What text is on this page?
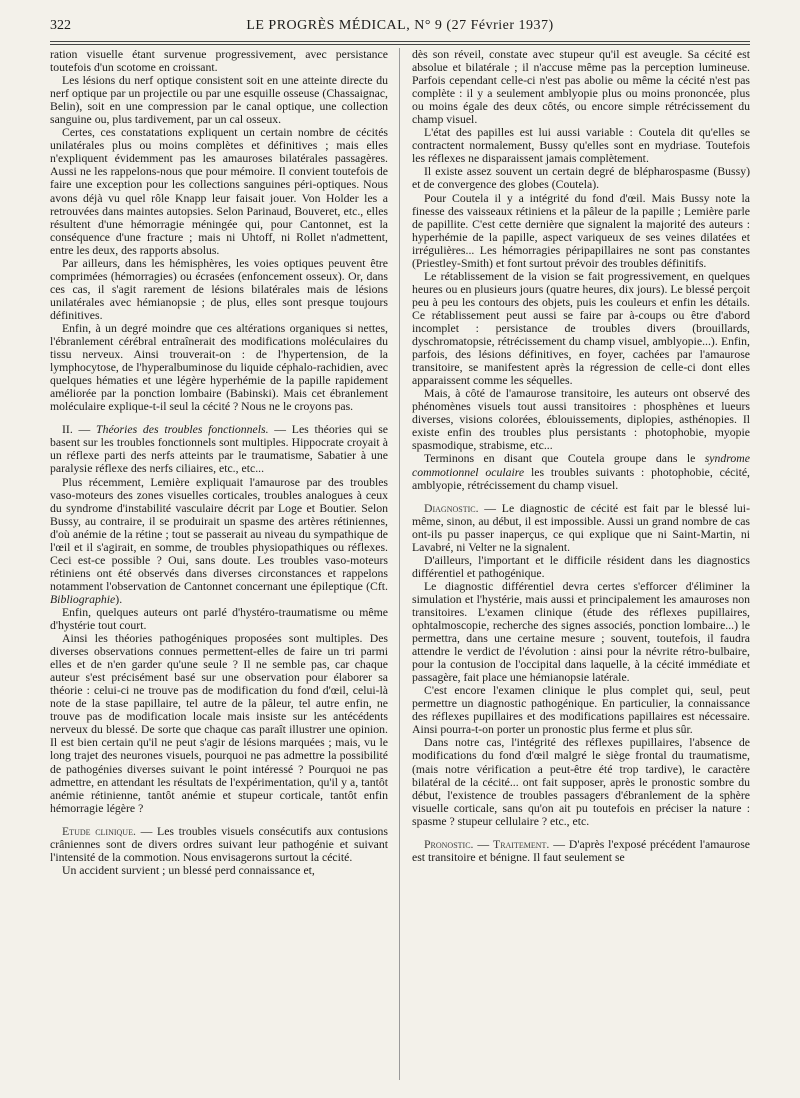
322	LE PROGRÈS MÉDICAL, N° 9 (27 Février 1937)

ration visuelle étant survenue progressivement, avec persistance toutefois d'un scotome en croissant.

Les lésions du nerf optique consistent soit en une atteinte directe du nerf optique par un projectile ou par une esquille osseuse (Chassaignac, Belin), soit en une compression par le canal optique, une collection sanguine ou, plus tardivement, par un cal osseux.

Certes, ces constatations expliquent un certain nombre de cécités unilatérales plus ou moins complètes et définitives ; mais elles n'expliquent évidemment pas les amauroses bilatérales passagères. Aussi ne les rappelons-nous que pour mémoire. Il convient toutefois de faire une exception pour les collections sanguines péri-optiques. Nous avons déjà vu quel rôle Knapp leur faisait jouer. Von Holder les a retrouvées dans maintes autopsies. Selon Parinaud, Bouveret, etc., elles résultent d'une hémorragie méningée qui, pour Cantonnet, est la conséquence d'une fracture ; mais ni Uhtoff, ni Rollet n'admettent, entre les deux, des rapports absolus.

Par ailleurs, dans les hémisphères, les voies optiques peuvent être comprimées (hémorragies) ou écrasées (enfoncement osseux). Or, dans ces cas, il s'agit rarement de lésions bilatérales mais de lésions unilatérales avec hémianopsie ; de plus, elles sont presque toujours définitives.

Enfin, à un degré moindre que ces altérations organiques si nettes, l'ébranlement cérébral entraînerait des modifications moléculaires du tissu nerveux. Ainsi trouverait-on : de l'hypertension, de la lymphocytose, de l'hyperalbuminose du liquide céphalo-rachidien, avec quelques hématies et une légère hyperhémie de la papille rapidement améliorée par la ponction lombaire (Babinski). Mais cet ébranlement moléculaire explique-t-il seul la cécité ? Nous ne le croyons pas.

II. — Théories des troubles fonctionnels. — Les théories qui se basent sur les troubles fonctionnels sont multiples. Hippocrate croyait à un réflexe parti des nerfs atteints par le traumatisme, Sabatier à une paralysie réflexe des nerfs ciliaires, etc., etc...

Plus récemment, Lemière expliquait l'amaurose par des troubles vaso-moteurs des zones visuelles corticales, troubles analogues à ceux du syndrome d'instabilité vasculaire décrit par Loge et Boutier. Selon Bussy, au contraire, il se produirait un spasme des artères rétiniennes, d'où anémie de la rétine ; tout se passerait au niveau du sympathique de l'œil et il s'agirait, en somme, de troubles physiopathiques ou réflexes. Ceci est-ce possible ? Oui, sans doute. Les troubles vaso-moteurs rétiniens ont été observés dans diverses circonstances et rappelons notamment l'observation de Cantonnet concernant une épileptique (Cft. Bibliographie).

Enfin, quelques auteurs ont parlé d'hystéro-traumatisme ou même d'hystérie tout court.

Ainsi les théories pathogéniques proposées sont multiples. Des diverses observations connues permettent-elles de faire un tri parmi elles et de n'en garder qu'une seule ? Il ne semble pas, car chaque auteur s'est précisément basé sur une observation pour élaborer sa théorie : celui-ci ne trouve pas de modification du fond d'œil, celui-là note de la stase papillaire, tel autre de la pâleur, tel autre enfin, ne trouve pas de modification locale mais insiste sur les antécédents nerveux du blessé. De sorte que chaque cas paraît illustrer une opinion. Il est bien certain qu'il ne peut s'agir de lésions marquées ; mais, vu le long trajet des neurones visuels, pourquoi ne pas admettre la possibilité de pathogénies diverses suivant le point intéressé ? Pourquoi ne pas admettre, en attendant les résultats de l'expérimentation, qu'il y a, tantôt anémie rétinienne, tantôt anémie et stupeur corticale, tantôt enfin hémorragie légère ?

Etude clinique. — Les troubles visuels consécutifs aux contusions crâniennes sont de divers ordres suivant leur pathogénie et suivant l'intensité de la commotion. Nous envisagerons surtout la cécité.

Un accident survient ; un blessé perd connaissance et,

dès son réveil, constate avec stupeur qu'il est aveugle. Sa cécité est absolue et bilatérale ; il n'accuse même pas la perception lumineuse. Parfois cependant celle-ci n'est pas abolie ou même la cécité n'est pas complète : il y a seulement amblyopie plus ou moins prononcée, plus ou moins égale des deux côtés, ou encore simple rétrécissement du champ visuel.

L'état des papilles est lui aussi variable : Coutela dit qu'elles se contractent normalement, Bussy qu'elles sont en mydriase. Toutefois les réflexes ne disparaissent jamais complètement.

Il existe assez souvent un certain degré de blépharospasme (Bussy) et de convergence des globes (Coutela).

Pour Coutela il y a intégrité du fond d'œil. Mais Bussy note la finesse des vaisseaux rétiniens et la pâleur de la papille ; Lemière parle de papillite. C'est cette dernière que signalent la majorité des auteurs : hyperhémie de la papille, aspect variqueux de ses veines dilatées et irrégulières... Les hémorragies péripapillaires ne sont pas constantes (Priestley-Smith) et font surtout prévoir des troubles définitifs.

Le rétablissement de la vision se fait progressivement, en quelques heures ou en plusieurs jours (quatre heures, dix jours). Le blessé perçoit peu à peu les contours des objets, puis les couleurs et enfin les détails. Ce rétablissement peut aussi se faire par à-coups ou être d'abord incomplet : persistance de troubles divers (brouillards, dyschromatopsie, rétrécissement du champ visuel, amblyopie...). Enfin, parfois, des lésions définitives, en foyer, cachées par l'amaurose transitoire, se manifestent après la régression de celle-ci dont elles apparaissent comme les séquelles.

Mais, à côté de l'amaurose transitoire, les auteurs ont observé des phénomènes visuels tout aussi transitoires : phosphènes et lueurs diverses, visions colorées, éblouissements, diplopies, asthénopies. Il existe enfin des troubles plus persistants : photophobie, myopie spasmodique, strabisme, etc...

Terminons en disant que Coutela groupe dans le syndrome commotionnel oculaire les troubles suivants : photophobie, cécité, amblyopie, rétrécissement du champ visuel.

Diagnostic. — Le diagnostic de cécité est fait par le blessé lui-même, sinon, au début, il est impossible. Aussi un grand nombre de cas ont-ils pu passer inaperçus, ce qui explique que ni Saint-Martin, ni Lavabré, ni Velter ne la signalent.

D'ailleurs, l'important et le difficile résident dans les diagnostics différentiel et pathogénique.

Le diagnostic différentiel devra certes s'efforcer d'éliminer la simulation et l'hystérie, mais aussi et principalement les amauroses non transitoires. L'examen clinique (étude des réflexes pupillaires, ophtalmoscopie, recherche des signes associés, ponction lombaire...) le permettra, dans une certaine mesure ; souvent, toutefois, il faudra attendre le verdict de l'évolution : ainsi pour la névrite rétro-bulbaire, pour la contusion de l'occipital dans laquelle, à la cécité immédiate et passagère, fait place une hémianopsie latérale.

C'est encore l'examen clinique le plus complet qui, seul, peut permettre un diagnostic pathogénique. En particulier, la connaissance des réflexes pupillaires et des modifications papillaires est nécessaire. Ainsi pourra-t-on porter un pronostic plus ferme et plus sûr.

Dans notre cas, l'intégrité des réflexes pupillaires, l'absence de modifications du fond d'œil malgré le siège frontal du traumatisme, (mais notre vérification a peut-être été trop tardive), le caractère bilatéral de la cécité... ont fait supposer, après le pronostic sombre du début, l'existence de troubles passagers d'ébranlement de la sphère visuelle corticale, sans qu'on ait pu toutefois en préciser la nature : spasme ? stupeur cellulaire ? etc., etc.

Pronostic. — Traitement. — D'après l'exposé précédent l'amaurose est transitoire et bénigne. Il faut seulement se
